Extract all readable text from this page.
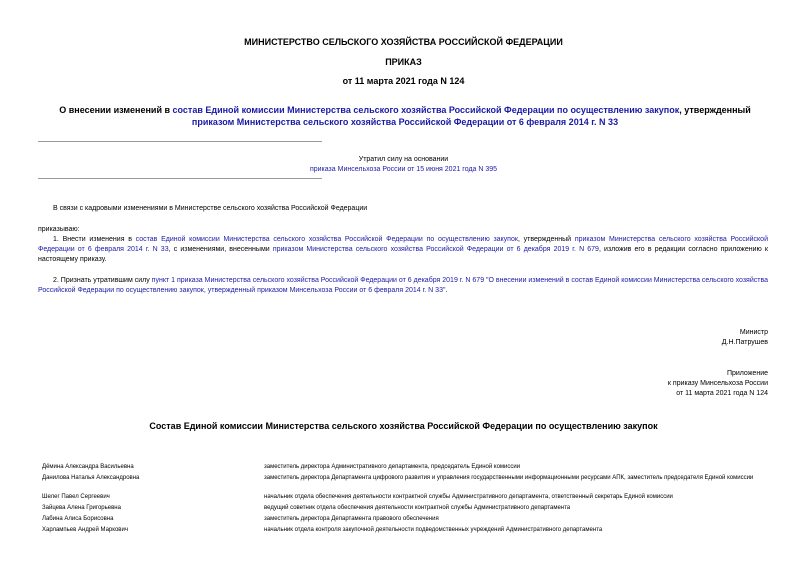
МИНИСТЕРСТВО СЕЛЬСКОГО ХОЗЯЙСТВА РОССИЙСКОЙ ФЕДЕРАЦИИ
ПРИКАЗ
от 11 марта 2021 года N 124
О внесении изменений в состав Единой комиссии Министерства сельского хозяйства Российской Федерации по осуществлению закупок, утвержденный приказом Министерства сельского хозяйства Российской Федерации от 6 февраля 2014 г. N 33
Утратил силу на основании
приказа Минсельхоза России от 15 июня 2021 года N 395
В связи с кадровыми изменениями в Министерстве сельского хозяйства Российской Федерации
приказываю:
1. Внести изменения в состав Единой комиссии Министерства сельского хозяйства Российской Федерации по осуществлению закупок, утвержденный приказом Министерства сельского хозяйства Российской Федерации от 6 февраля 2014 г. N 33, с изменениями, внесенными приказом Министерства сельского хозяйства Российской Федерации от 6 декабря 2019 г. N 679, изложив его в редакции согласно приложению к настоящему приказу.
2. Признать утратившим силу пункт 1 приказа Министерства сельского хозяйства Российской Федерации от 6 декабря 2019 г. N 679 "О внесении изменений в состав Единой комиссии Министерства сельского хозяйства Российской Федерации по осуществлению закупок, утвержденный приказом Минсельхоза России от 6 февраля 2014 г. N 33".
Министр
Д.Н.Патрушев
Приложение
к приказу Минсельхоза России
от 11 марта 2021 года N 124
Состав Единой комиссии Министерства сельского хозяйства Российской Федерации по осуществлению закупок
Дёмина Александра Васильевна	заместитель директора Административного департамента, председатель Единой комиссии
Данилова Наталья Александровна	заместитель директора Департамента цифрового развития и управления государственными информационными ресурсами АПК, заместитель председателя Единой комиссии
Шелег Павел Сергеевич	начальник отдела обеспечения деятельности контрактной службы Административного департамента, ответственный секретарь Единой комиссии
Зайцева Алена Григорьевна	ведущий советник отдела обеспечения деятельности контрактной службы Административного департамента
Лабина Алиса Борисовна	заместитель директора Департамента правового обеспечения
Харлампьев Андрей Маркович	начальник отдела контроля закупочной деятельности подведомственных учреждений Административного департамента
